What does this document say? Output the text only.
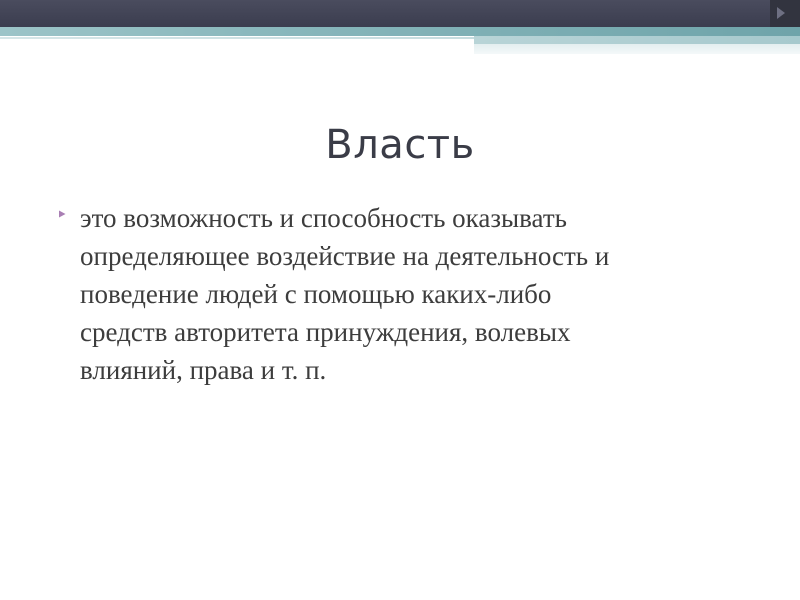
Власть
это возможность и способность оказывать
определяющее воздействие на деятельность и
поведение людей с помощью каких-либо
средств авторитета принуждения, волевых
влияний, права и т. п.
